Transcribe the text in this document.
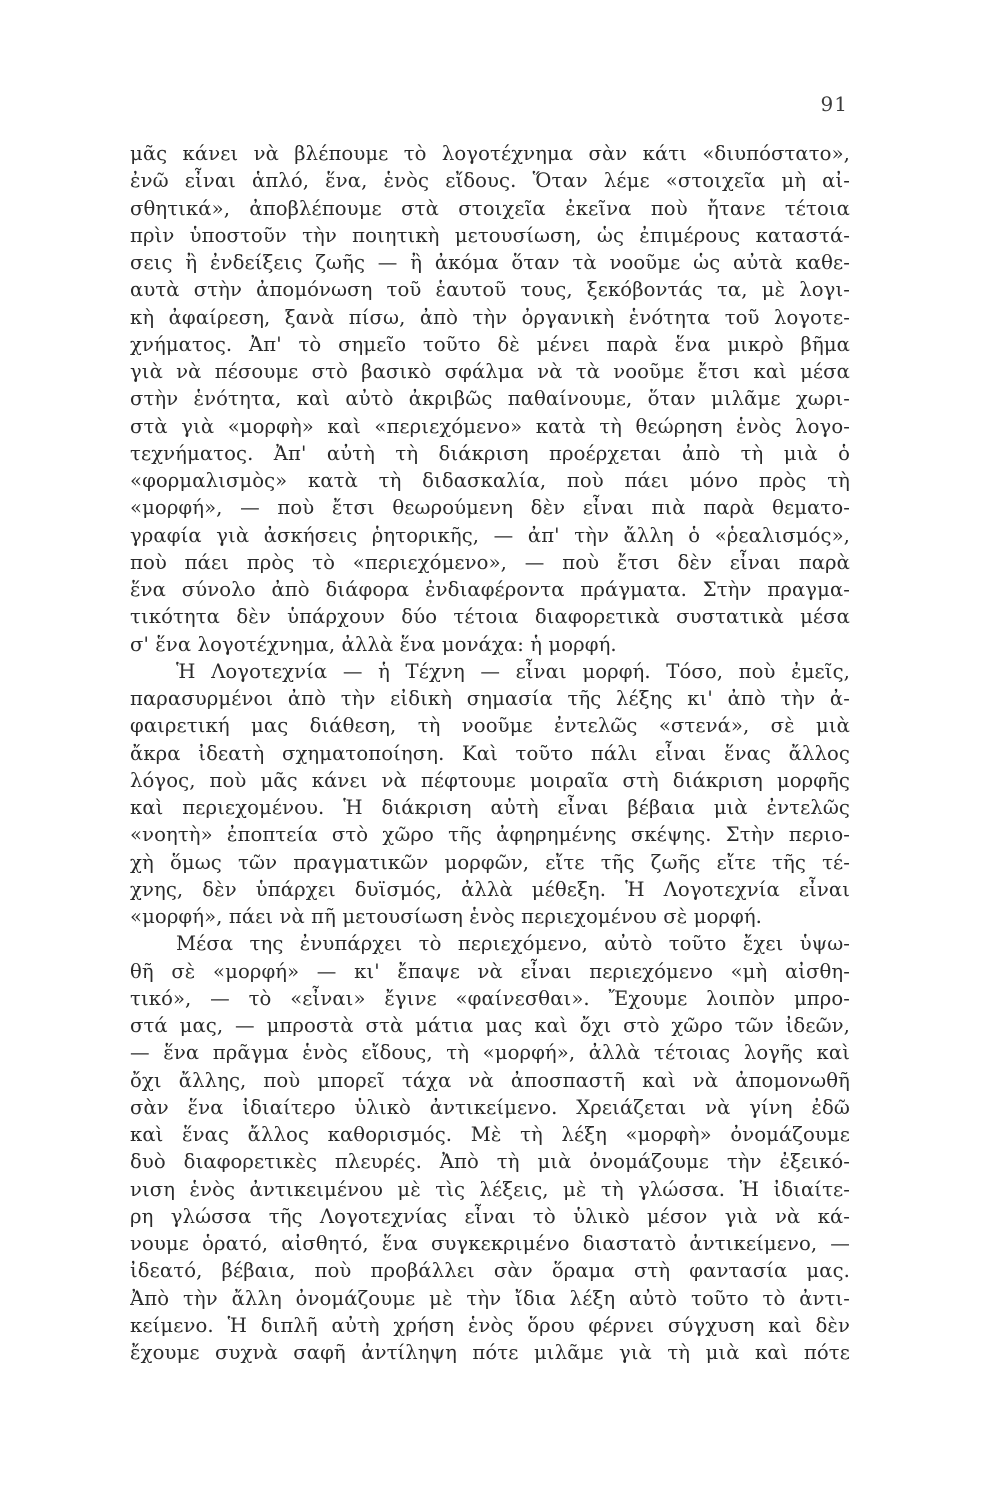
91
μᾶς κάνει νὰ βλέπουμε τὸ λογοτέχνημα σὰν κάτι «διυπόστατο»,
ἐνῶ εἶναι ἁπλό, ἕνα, ἑνὸς εἴδους. Ὅταν λέμε «στοιχεῖα μὴ αἰ-
σθητικά», ἀποβλέπουμε στὰ στοιχεῖα ἐκεῖνα ποὺ ἤτανε τέτοια
πρὶν ὑποστοῦν τὴν ποιητικὴ μετουσίωση, ὡς ἐπιμέρους καταστά-
σεις ἢ ἐνδείξεις ζωῆς — ἢ ἀκόμα ὅταν τὰ νοοῦμε ὡς αὐτὰ καθε-
αυτὰ στὴν ἀπομόνωση τοῦ ἑαυτοῦ τους, ξεκόβοντάς τα, μὲ λογι-
κὴ ἀφαίρεση, ξανὰ πίσω, ἀπὸ τὴν ὀργανικὴ ἑνότητα τοῦ λογοτε-
χνήματος. Ἀπ' τὸ σημεῖο τοῦτο δὲ μένει παρὰ ἕνα μικρὸ βῆμα
γιὰ νὰ πέσουμε στὸ βασικὸ σφάλμα νὰ τὰ νοοῦμε ἔτσι καὶ μέσα
στὴν ἑνότητα, καὶ αὐτὸ ἀκριβῶς παθαίνουμε, ὅταν μιλᾶμε χωρι-
στὰ γιὰ «μορφὴ» καὶ «περιεχόμενο» κατὰ τὴ θεώρηση ἑνὸς λογο-
τεχνήματος. Ἀπ' αὐτὴ τὴ διάκριση προέρχεται ἀπὸ τὴ μιὰ ὁ
«φορμαλισμὸς» κατὰ τὴ διδασκαλία, ποὺ πάει μόνο πρὸς τὴ
«μορφή», — ποὺ ἔτσι θεωρούμενη δὲν εἶναι πιὰ παρὰ θεματο-
γραφία γιὰ ἀσκήσεις ῥητορικῆς, — ἀπ' τὴν ἄλλη ὁ «ῥεαλισμός»,
ποὺ πάει πρὸς τὸ «περιεχόμενο», — ποὺ ἔτσι δὲν εἶναι παρὰ
ἕνα σύνολο ἀπὸ διάφορα ἐνδιαφέροντα πράγματα. Στὴν πραγμα-
τικότητα δὲν ὑπάρχουν δύο τέτοια διαφορετικὰ συστατικὰ μέσα
σ' ἕνα λογοτέχνημα, ἀλλὰ ἕνα μονάχα: ἡ μορφή.
Ἡ Λογοτεχνία — ἡ Τέχνη — εἶναι μορφή. Τόσο, ποὺ ἐμεῖς,
παρασυρμένοι ἀπὸ τὴν εἰδικὴ σημασία τῆς λέξης κι' ἀπὸ τὴν ἀ-
φαιρετική μας διάθεση, τὴ νοοῦμε ἐντελῶς «στενά», σὲ μιὰ
ἄκρα ἰδεατὴ σχηματοποίηση. Καὶ τοῦτο πάλι εἶναι ἕνας ἄλλος
λόγος, ποὺ μᾶς κάνει νὰ πέφτουμε μοιραῖα στὴ διάκριση μορφῆς
καὶ περιεχομένου. Ἡ διάκριση αὐτὴ εἶναι βέβαια μιὰ ἐντελῶς
«νοητὴ» ἐποπτεία στὸ χῶρο τῆς ἀφηρημένης σκέψης. Στὴν περιο-
χὴ ὅμως τῶν πραγματικῶν μορφῶν, εἴτε τῆς ζωῆς εἴτε τῆς τέ-
χνης, δὲν ὑπάρχει δυϊσμός, ἀλλὰ μέθεξη. Ἡ Λογοτεχνία εἶναι
«μορφή», πάει νὰ πῆ μετουσίωση ἑνὸς περιεχομένου σὲ μορφή.
Μέσα της ἐνυπάρχει τὸ περιεχόμενο, αὐτὸ τοῦτο ἔχει ὑψω-
θῆ σὲ «μορφή» — κι' ἔπαψε νὰ εἶναι περιεχόμενο «μὴ αἰσθη-
τικό», — τὸ «εἶναι» ἔγινε «φαίνεσθαι». Ἔχουμε λοιπὸν μπρο-
στά μας, — μπροστὰ στὰ μάτια μας καὶ ὄχι στὸ χῶρο τῶν ἰδεῶν,
— ἕνα πρᾶγμα ἑνὸς εἴδους, τὴ «μορφή», ἀλλὰ τέτοιας λογῆς καὶ
ὄχι ἄλλης, ποὺ μπορεῖ τάχα νὰ ἀποσπαστῆ καὶ νὰ ἀπομονωθῆ
σὰν ἕνα ἰδιαίτερο ὑλικὸ ἀντικείμενο. Χρειάζεται νὰ γίνη ἐδῶ
καὶ ἕνας ἄλλος καθορισμός. Μὲ τὴ λέξη «μορφὴ» ὀνομάζουμε
δυὸ διαφορετικὲς πλευρές. Ἀπὸ τὴ μιὰ ὀνομάζουμε τὴν ἐξεικό-
νιση ἑνὸς ἀντικειμένου μὲ τὶς λέξεις, μὲ τὴ γλώσσα. Ἡ ἰδιαίτε-
ρη γλώσσα τῆς Λογοτεχνίας εἶναι τὸ ὑλικὸ μέσον γιὰ νὰ κά-
νουμε ὁρατό, αἰσθητό, ἕνα συγκεκριμένο διαστατὸ ἀντικείμενο, —
ἰδεατό, βέβαια, ποὺ προβάλλει σὰν ὅραμα στὴ φαντασία μας.
Ἀπὸ τὴν ἄλλη ὀνομάζουμε μὲ τὴν ἴδια λέξη αὐτὸ τοῦτο τὸ ἀντι-
κείμενο. Ἡ διπλῆ αὐτὴ χρήση ἑνὸς ὅρου φέρνει σύγχυση καὶ δὲν
ἔχουμε συχνὰ σαφῆ ἀντίληψη πότε μιλᾶμε γιὰ τὴ μιὰ καὶ πότε
